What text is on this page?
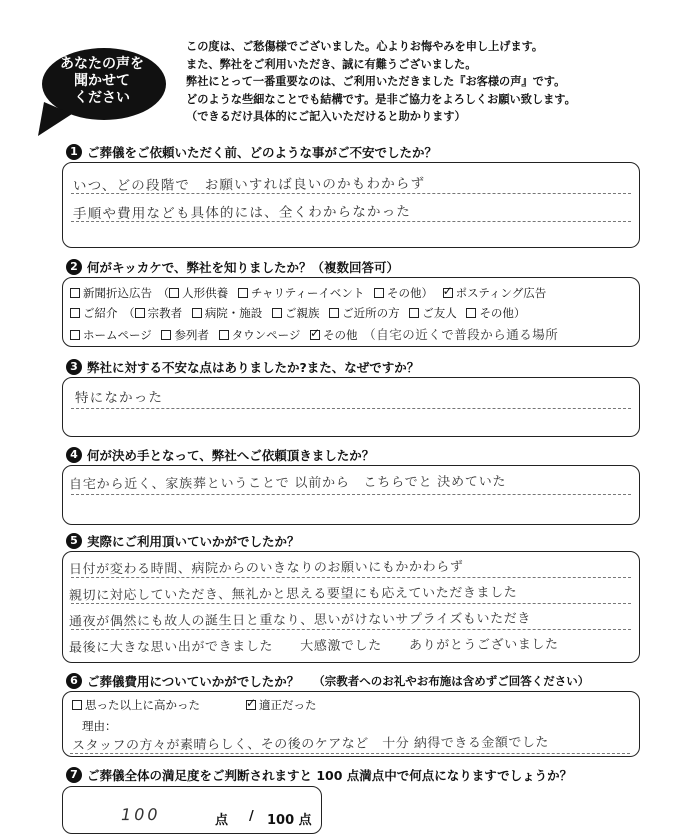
あなたの声を
聞かせて
ください
この度は、ご愁傷様でございました。心よりお悔やみを申し上げます。
また、弊社をご利用いただき、誠に有難うございました。
弊社にとって一番重要なのは、ご利用いただきました『お客様の声』です。
どのような些細なことでも結構です。是非ご協力をよろしくお願い致します。
（できるだけ具体的にご記入いただけると助かります）
1 ご葬儀をご依頼いただく前、どのような事がご不安でしたか？
いつ、どの段階で　お願いすれば良いのかもわからず
手順や費用なども具体的には、全くわからなかった
2 何がキッカケで、弊社を知りましたか？（複数回答可）
新聞折込広告 （ 人形供養 チャリティーイベント その他） ✓ ポスティング広告
ご紹介 （ 宗教者 病院・施設 ご親族 ご近所の方 ご友人 その他）
ホームページ 参列者 タウンページ ✓ その他 （自宅の近くで普段から通る場所
3 弊社に対する不安な点はありましたか?また、なぜですか？
特になかった
4 何が決め手となって、弊社へご依頼頂きましたか？
自宅から近く、家族葬ということで 以前から　こちらでと 決めていた
5 実際にご利用頂いていかがでしたか？
日付が変わる時間、病院からのいきなりのお願いにもかかわらず
親切に対応していただき、無礼かと思える要望にも応えていただきました
通夜が偶然にも故人の誕生日と重なり、思いがけないサプライズもいただき
最後に大きな思い出ができました　　大感激でした　　ありがとうございました
6 ご葬儀費用についていかがでしたか？ （宗教者へのお礼やお布施は含めずご回答ください）
思った以上に高かった ✓	適正だった
理由：
スタッフの方々が素晴らしく、その後のケアなど　十分 納得できる金額でした
7 ご葬儀全体の満足度をご判断されますと 100 点満点中で何点になりますでしょうか？
100	点 / 100 点
